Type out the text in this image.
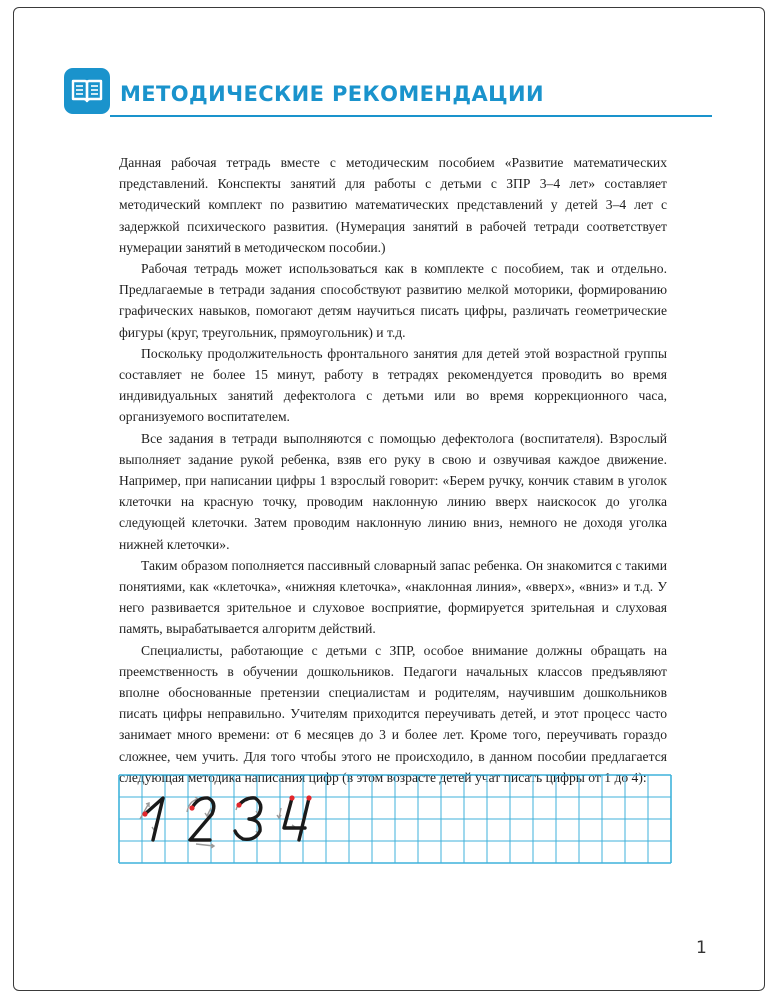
МЕТОДИЧЕСКИЕ РЕКОМЕНДАЦИИ

Данная рабочая тетрадь вместе с методическим пособием «Развитие математических представлений. Конспекты занятий для работы с детьми с ЗПР 3–4 лет» составляет методический комплект по развитию математических представлений у детей 3–4 лет с задержкой психического развития. (Нумерация занятий в рабочей тетради соответствует нумерации занятий в методическом пособии.)

Рабочая тетрадь может использоваться как в комплекте с пособием, так и отдельно. Предлагаемые в тетради задания способствуют развитию мелкой моторики, формированию графических навыков, помогают детям научиться писать цифры, различать геометрические фигуры (круг, треугольник, прямоугольник) и т.д.

Поскольку продолжительность фронтального занятия для детей этой возрастной группы составляет не более 15 минут, работу в тетрадях рекомендуется проводить во время индивидуальных занятий дефектолога с детьми или во время коррекционного часа, организуемого воспитателем.

Все задания в тетради выполняются с помощью дефектолога (воспитателя). Взрослый выполняет задание рукой ребенка, взяв его руку в свою и озвучивая каждое движение. Например, при написании цифры 1 взрослый говорит: «Берем ручку, кончик ставим в уголок клеточки на красную точку, проводим наклонную линию вверх наискосок до уголка следующей клеточки. Затем проводим наклонную линию вниз, немного не доходя уголка нижней клеточки».

Таким образом пополняется пассивный словарный запас ребенка. Он знакомится с такими понятиями, как «клеточка», «нижняя клеточка», «наклонная линия», «вверх», «вниз» и т.д. У него развивается зрительное и слуховое восприятие, формируется зрительная и слуховая память, вырабатывается алгоритм действий.

Специалисты, работающие с детьми с ЗПР, особое внимание должны обращать на преемственность в обучении дошкольников. Педагоги начальных классов предъявляют вполне обоснованные претензии специалистам и родителям, научившим дошкольников писать цифры неправильно. Учителям приходится переучивать детей, и этот процесс часто занимает много времени: от 6 месяцев до 3 и более лет. Кроме того, переучивать гораздо сложнее, чем учить. Для того чтобы этого не происходило, в данном пособии предлагается следующая методика написания цифр (в этом возрасте детей учат писать цифры от 1 до 4):

1
